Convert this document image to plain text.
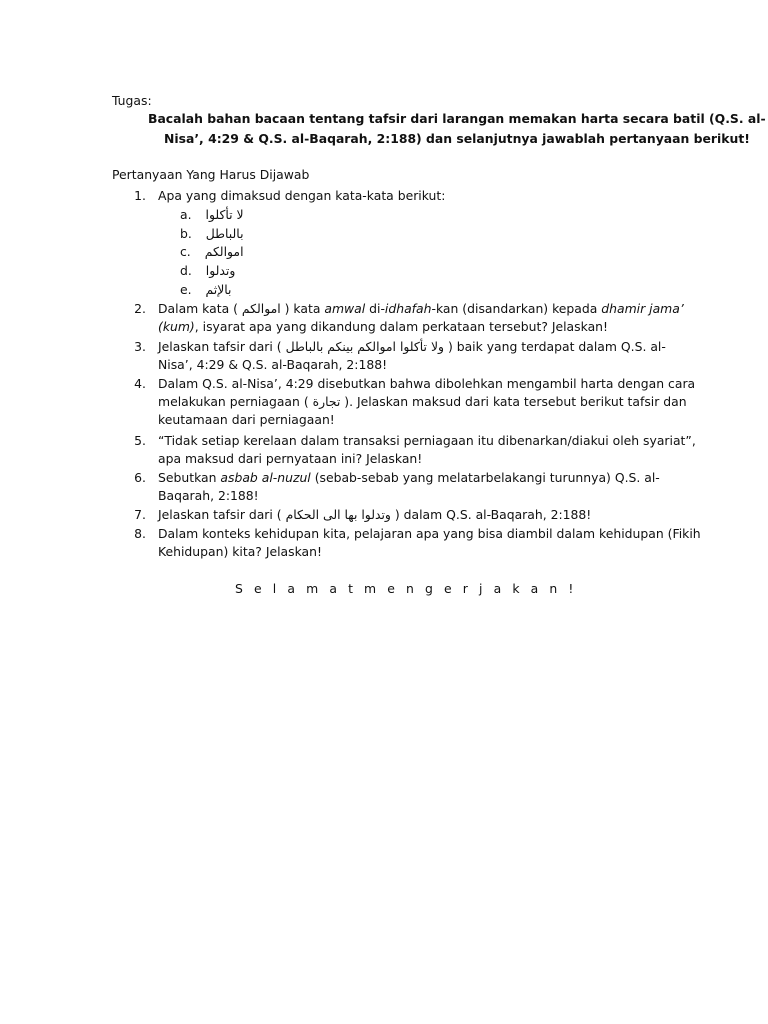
Tugas:
Bacalah bahan bacaan tentang tafsir dari larangan memakan harta secara batil (Q.S. al-
Nisa’, 4:29 & Q.S. al-Baqarah, 2:188) dan selanjutnya jawablah pertanyaan berikut!
Pertanyaan Yang Harus Dijawab
1. Apa yang dimaksud dengan kata-kata berikut:
a. لا تأكلوا
b. بالباطل
c. اموالكم
d. وتدلوا
e. بالإثم
2. Dalam kata ( اموالكم ) kata amwal di-idhafah-kan (disandarkan) kepada dhamir jama’
(kum), isyarat apa yang dikandung dalam perkataan tersebut? Jelaskan!
3. Jelaskan tafsir dari ( ولا تأكلوا اموالكم بينكم بالباطل ) baik yang terdapat dalam Q.S. al-
Nisa’, 4:29 & Q.S. al-Baqarah, 2:188!
4. Dalam Q.S. al-Nisa’, 4:29 disebutkan bahwa dibolehkan mengambil harta dengan cara
melakukan perniagaan ( تجارة ). Jelaskan maksud dari kata tersebut berikut tafsir dan
keutamaan dari perniagaan!
5. “Tidak setiap kerelaan dalam transaksi perniagaan itu dibenarkan/diakui oleh syariat”,
apa maksud dari pernyataan ini? Jelaskan!
6. Sebutkan asbab al-nuzul (sebab-sebab yang melatarbelakangi turunnya) Q.S. al-
Baqarah, 2:188!
7. Jelaskan tafsir dari ( وتدلوا بها الى الحكام ) dalam Q.S. al-Baqarah, 2:188!
8. Dalam konteks kehidupan kita, pelajaran apa yang bisa diambil dalam kehidupan (Fikih
Kehidupan) kita? Jelaskan!
S e l a m a t m e n g e r j a k a n !
